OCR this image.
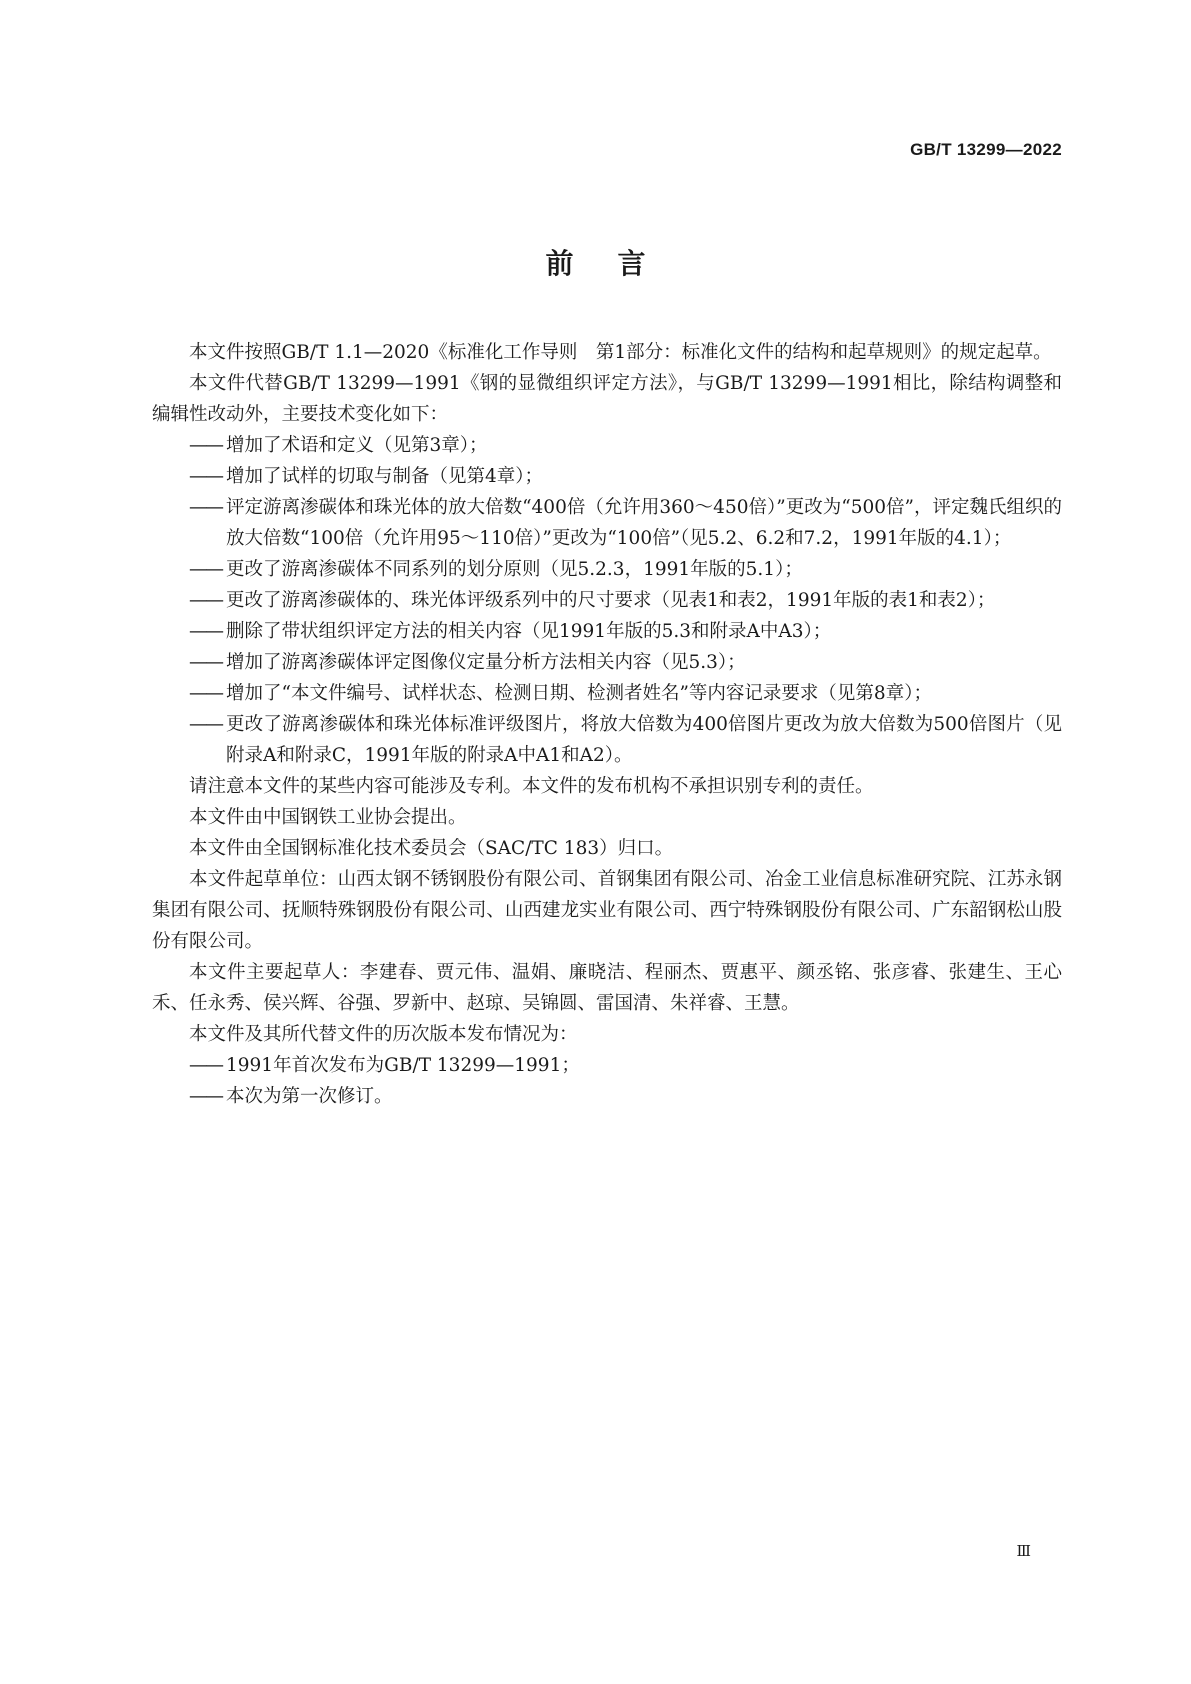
GB/T 13299—2022
前言

本文件按照GB/T 1.1—2020《标准化工作导则　第1部分：标准化文件的结构和起草规则》的规定起草。

本文件代替GB/T 13299—1991《钢的显微组织评定方法》，与GB/T 13299—1991相比，除结构调整和编辑性改动外，主要技术变化如下：

—— 增加了术语和定义（见第3章）；
—— 增加了试样的切取与制备（见第4章）；
—— 评定游离渗碳体和珠光体的放大倍数“400倍（允许用360～450倍）”更改为“500倍”，评定魏氏组织的放大倍数“100倍（允许用95～110倍）”更改为“100倍”（见5.2、6.2和7.2，1991年版的4.1）；
—— 更改了游离渗碳体不同系列的划分原则（见5.2.3，1991年版的5.1）；
—— 更改了游离渗碳体的、珠光体评级系列中的尺寸要求（见表1和表2，1991年版的表1和表2）；
—— 删除了带状组织评定方法的相关内容（见1991年版的5.3和附录A中A3）；
—— 增加了游离渗碳体评定图像仪定量分析方法相关内容（见5.3）；
—— 增加了“本文件编号、试样状态、检测日期、检测者姓名”等内容记录要求（见第8章）；
—— 更改了游离渗碳体和珠光体标准评级图片，将放大倍数为400倍图片更改为放大倍数为500倍图片（见附录A和附录C，1991年版的附录A中A1和A2）。

请注意本文件的某些内容可能涉及专利。本文件的发布机构不承担识别专利的责任。

本文件由中国钢铁工业协会提出。

本文件由全国钢标准化技术委员会（SAC/TC 183）归口。

本文件起草单位：山西太钢不锈钢股份有限公司、首钢集团有限公司、冶金工业信息标准研究院、江苏永钢集团有限公司、抚顺特殊钢股份有限公司、山西建龙实业有限公司、西宁特殊钢股份有限公司、广东韶钢松山股份有限公司。

本文件主要起草人：李建春、贾元伟、温娟、廉晓洁、程丽杰、贾惠平、颜丞铭、张彦睿、张建生、王心禾、任永秀、侯兴辉、谷强、罗新中、赵琼、吴锦圆、雷国清、朱祥睿、王慧。

本文件及其所代替文件的历次版本发布情况为：

—— 1991年首次发布为GB/T 13299—1991；
—— 本次为第一次修订。
Ⅲ
